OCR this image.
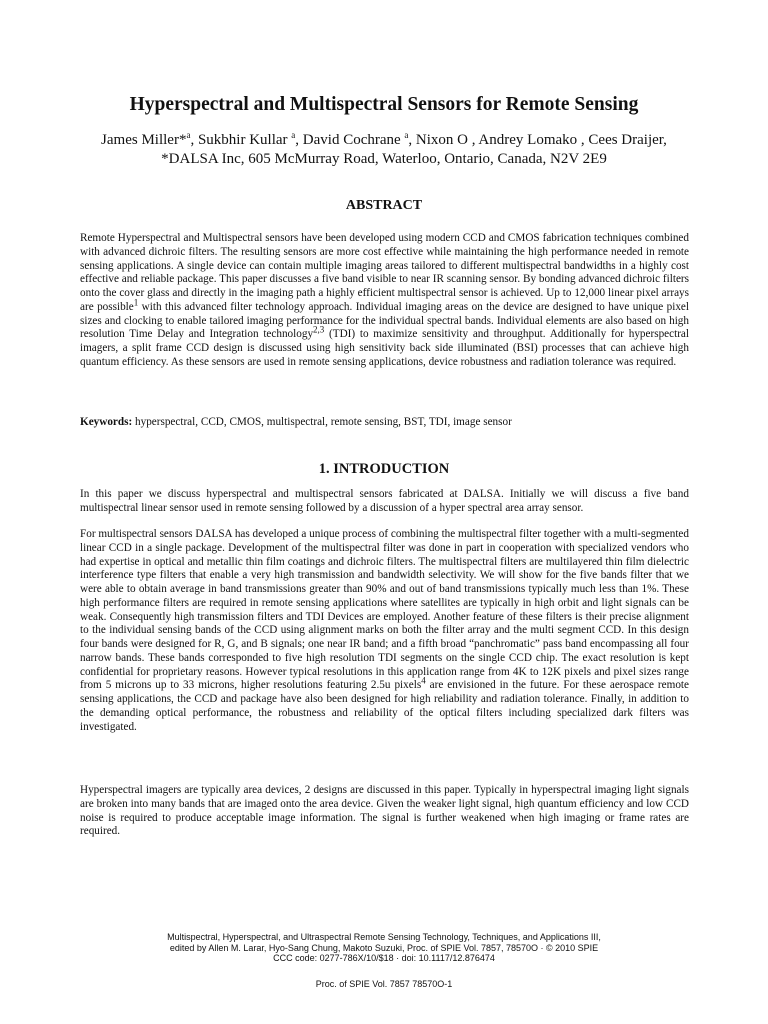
Hyperspectral and Multispectral Sensors for Remote Sensing
James Miller*$^a$, Sukbhir Kullar $^a$, David Cochrane $^a$, Nixon O , Andrey Lomako , Cees Draijer,
*DALSA Inc, 605 McMurray Road, Waterloo, Ontario, Canada, N2V 2E9
ABSTRACT

Remote Hyperspectral and Multispectral sensors have been developed using modern CCD and CMOS fabrication techniques combined with advanced dichroic filters. The resulting sensors are more cost effective while maintaining the high performance needed in remote sensing applications. A single device can contain multiple imaging areas tailored to different multispectral bandwidths in a highly cost effective and reliable package. This paper discusses a five band visible to near IR scanning sensor. By bonding advanced dichroic filters onto the cover glass and directly in the imaging path a highly efficient multispectral sensor is achieved. Up to 12,000 linear pixel arrays are possible$^1$ with this advanced filter technology approach. Individual imaging areas on the device are designed to have unique pixel sizes and clocking to enable tailored imaging performance for the individual spectral bands. Individual elements are also based on high resolution Time Delay and Integration technology$^{2,3}$ (TDI) to maximize sensitivity and throughput. Additionally for hyperspectral imagers, a split frame CCD design is discussed using high sensitivity back side illuminated (BSI) processes that can achieve high quantum efficiency. As these sensors are used in remote sensing applications, device robustness and radiation tolerance was required.

Keywords: hyperspectral, CCD, CMOS, multispectral, remote sensing, BST, TDI, image sensor

1. INTRODUCTION

In this paper we discuss hyperspectral and multispectral sensors fabricated at DALSA. Initially we will discuss a five band multispectral linear sensor used in remote sensing followed by a discussion of a hyper spectral area array sensor.

For multispectral sensors DALSA has developed a unique process of combining the multispectral filter together with a multi-segmented linear CCD in a single package. Development of the multispectral filter was done in part in cooperation with specialized vendors who had expertise in optical and metallic thin film coatings and dichroic filters. The multispectral filters are multilayered thin film dielectric interference type filters that enable a very high transmission and bandwidth selectivity. We will show for the five bands filter that we were able to obtain average in band transmissions greater than 90% and out of band transmissions typically much less than 1%. These high performance filters are required in remote sensing applications where satellites are typically in high orbit and light signals can be weak. Consequently high transmission filters and TDI Devices are employed. Another feature of these filters is their precise alignment to the individual sensing bands of the CCD using alignment marks on both the filter array and the multi segment CCD. In this design four bands were designed for R, G, and B signals; one near IR band; and a fifth broad “panchromatic” pass band encompassing all four narrow bands. These bands corresponded to five high resolution TDI segments on the single CCD chip. The exact resolution is kept confidential for proprietary reasons. However typical resolutions in this application range from 4K to 12K pixels and pixel sizes range from 5 microns up to 33 microns, higher resolutions featuring 2.5u pixels$^4$ are envisioned in the future. For these aerospace remote sensing applications, the CCD and package have also been designed for high reliability and radiation tolerance. Finally, in addition to the demanding optical performance, the robustness and reliability of the optical filters including specialized dark filters was investigated.

Hyperspectral imagers are typically area devices, 2 designs are discussed in this paper. Typically in hyperspectral imaging light signals are broken into many bands that are imaged onto the area device. Given the weaker light signal, high quantum efficiency and low CCD noise is required to produce acceptable image information. The signal is further weakened when high imaging or frame rates are required.

Multispectral, Hyperspectral, and Ultraspectral Remote Sensing Technology, Techniques, and Applications III,
edited by Allen M. Larar, Hyo-Sang Chung, Makoto Suzuki, Proc. of SPIE Vol. 7857, 78570O · © 2010 SPIE
CCC code: 0277-786X/10/$18 · doi: 10.1117/12.876474
Proc. of SPIE Vol. 7857 78570O-1
